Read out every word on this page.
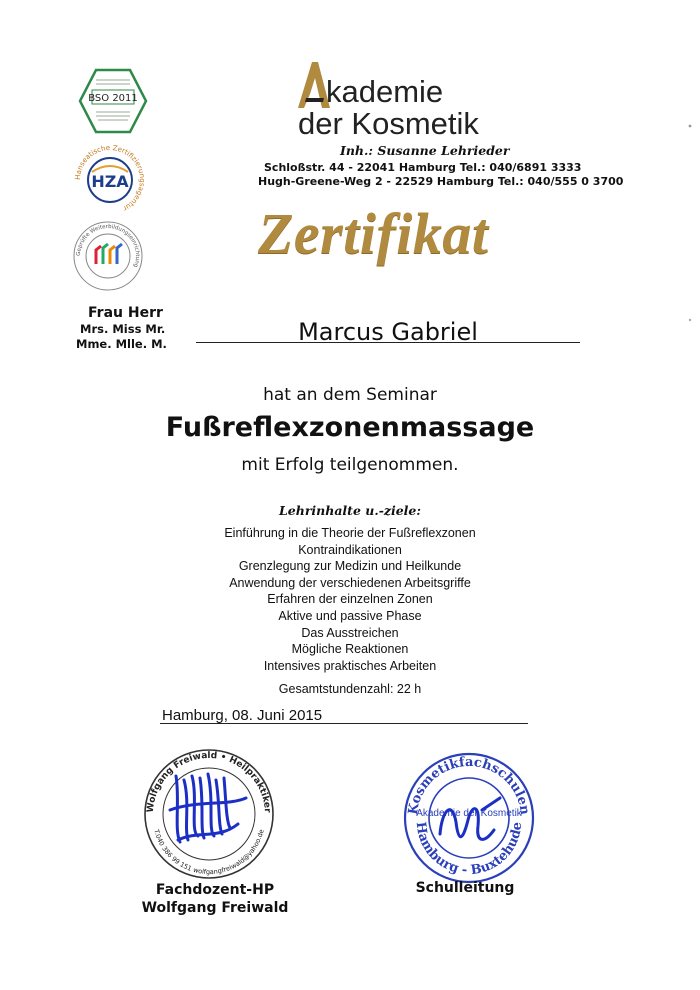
BSO 2011
Hanseatische Zertifizierungsagentur
HZA
Geprüfte Weiterbildungseinrichtung
kademie
der Kosmetik
Inh.: Susanne Lehrieder
Schloßstr. 44 - 22041 Hamburg Tel.: 040/6891 3333
Hugh-Greene-Weg 2 - 22529 Hamburg Tel.: 040/555 0 3700
Zertifikat
Frau Herr
Mrs. Miss Mr.
Mme. Mlle. M.	Marcus Gabriel
hat an dem Seminar
Fußreflexzonenmassage
mit Erfolg teilgenommen.
Lehrinhalte u.-ziele:
Einführung in die Theorie der Fußreflexzonen
Kontraindikationen
Grenzlegung zur Medizin und Heilkunde
Anwendung der verschiedenen Arbeitsgriffe
Erfahren der einzelnen Zonen
Aktive und passive Phase
Das Ausstreichen
Mögliche Reaktionen
Intensives praktisches Arbeiten
Gesamtstundenzahl: 22 h
Hamburg, 08. Juni 2015
Wolfgang Freiwald • Heilpraktiker
T.040 386 99 151 wolfgangfreiwald@yahoo.de
Kosmetikfachschulen
Hamburg - Buxtehude
Akademie der Kosmetik
Fachdozent-HP
Wolfgang Freiwald
Schulleitung
